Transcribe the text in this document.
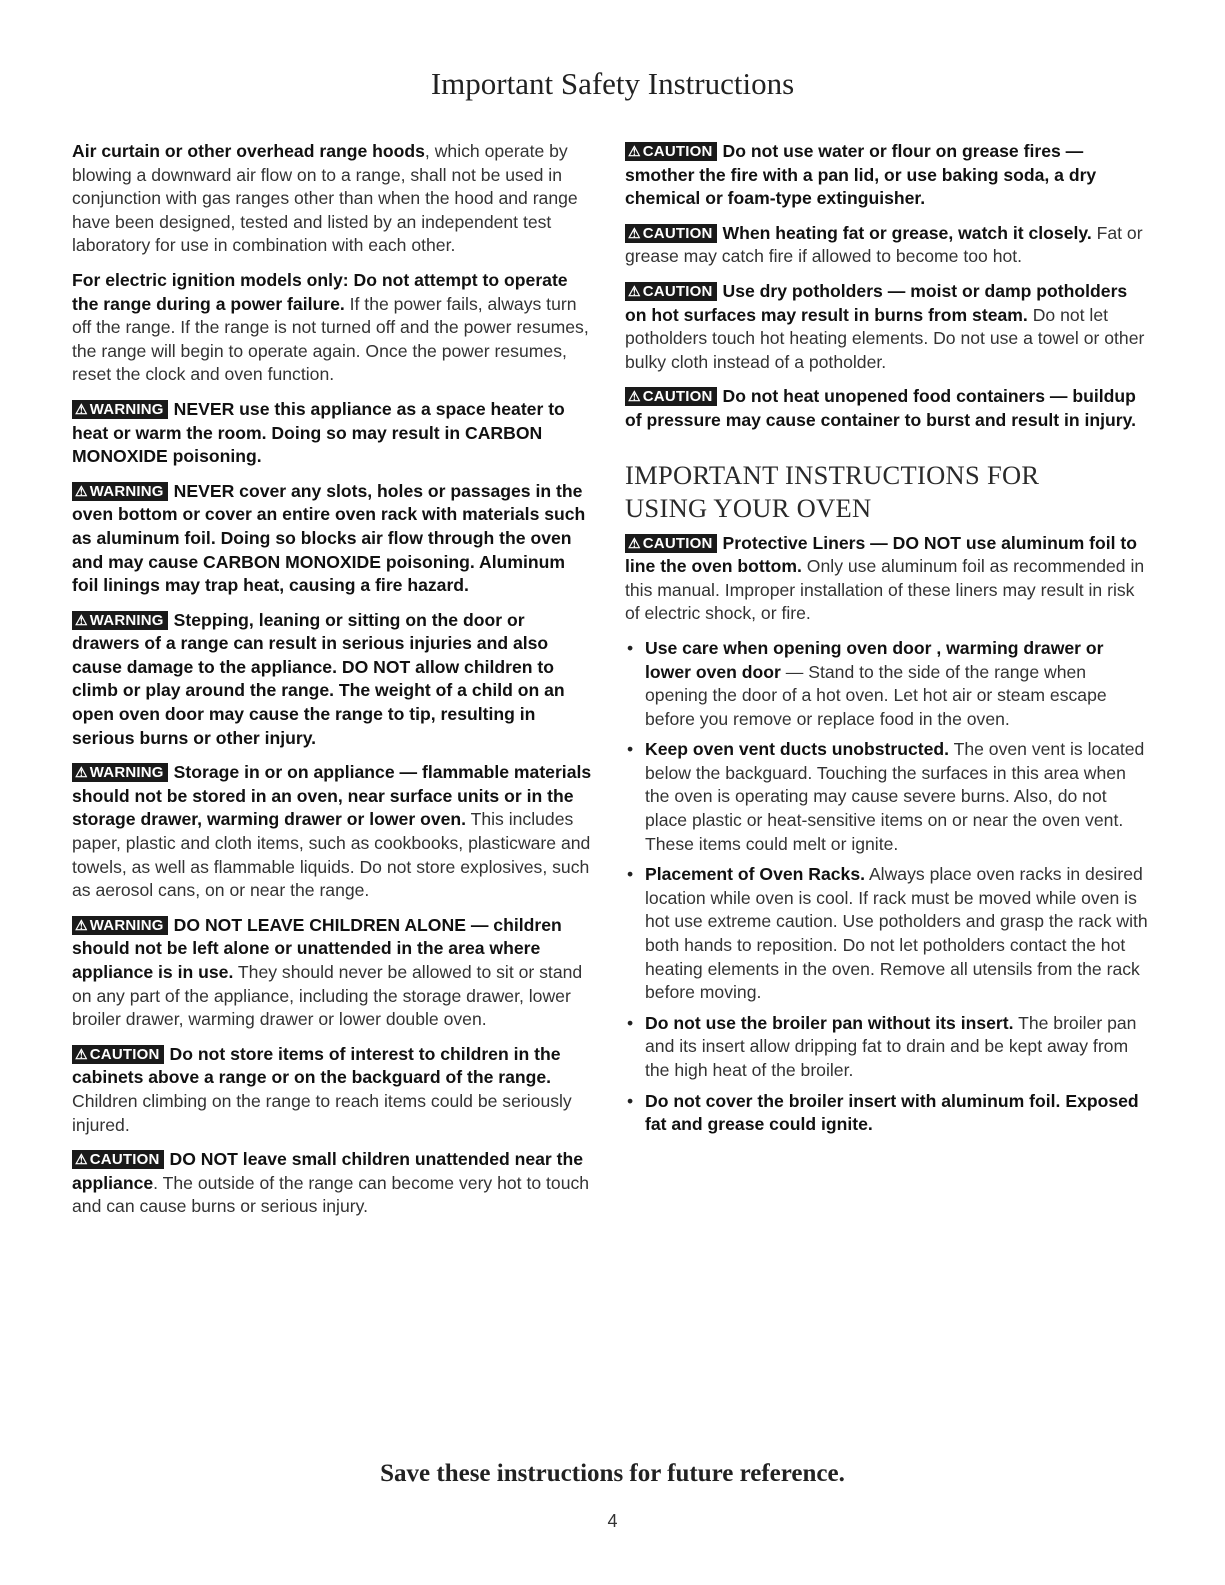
Important Safety Instructions

Air curtain or other overhead range hoods, which operate by blowing a downward air flow on to a range, shall not be used in conjunction with gas ranges other than when the hood and range have been designed, tested and listed by an independent test laboratory for use in combination with each other.

For electric ignition models only: Do not attempt to operate the range during a power failure. If the power fails, always turn off the range. If the range is not turned off and the power resumes, the range will begin to operate again. Once the power resumes, reset the clock and oven function.

⚠ WARNING NEVER use this appliance as a space heater to heat or warm the room. Doing so may result in CARBON MONOXIDE poisoning.

⚠ WARNING NEVER cover any slots, holes or passages in the oven bottom or cover an entire oven rack with materials such as aluminum foil. Doing so blocks air flow through the oven and may cause CARBON MONOXIDE poisoning. Aluminum foil linings may trap heat, causing a fire hazard.

⚠ WARNING Stepping, leaning or sitting on the door or drawers of a range can result in serious injuries and also cause damage to the appliance. DO NOT allow children to climb or play around the range. The weight of a child on an open oven door may cause the range to tip, resulting in serious burns or other injury.

⚠ WARNING Storage in or on appliance — flammable materials should not be stored in an oven, near surface units or in the storage drawer, warming drawer or lower oven. This includes paper, plastic and cloth items, such as cookbooks, plasticware and towels, as well as flammable liquids. Do not store explosives, such as aerosol cans, on or near the range.

⚠ WARNING DO NOT LEAVE CHILDREN ALONE — children should not be left alone or unattended in the area where appliance is in use. They should never be allowed to sit or stand on any part of the appliance, including the storage drawer, lower broiler drawer, warming drawer or lower double oven.

⚠ CAUTION Do not store items of interest to children in the cabinets above a range or on the backguard of the range. Children climbing on the range to reach items could be seriously injured.

⚠ CAUTION DO NOT leave small children unattended near the appliance. The outside of the range can become very hot to touch and can cause burns or serious injury.

⚠ CAUTION Do not use water or flour on grease fires — smother the fire with a pan lid, or use baking soda, a dry chemical or foam-type extinguisher.

⚠ CAUTION When heating fat or grease, watch it closely. Fat or grease may catch fire if allowed to become too hot.

⚠ CAUTION Use dry potholders — moist or damp potholders on hot surfaces may result in burns from steam. Do not let potholders touch hot heating elements. Do not use a towel or other bulky cloth instead of a potholder.

⚠ CAUTION Do not heat unopened food containers — buildup of pressure may cause container to burst and result in injury.

IMPORTANT INSTRUCTIONS FOR
USING YOUR OVEN

⚠ CAUTION Protective Liners — DO NOT use aluminum foil to line the oven bottom. Only use aluminum foil as recommended in this manual. Improper installation of these liners may result in risk of electric shock, or fire.

• Use care when opening oven door , warming drawer or lower oven door — Stand to the side of the range when opening the door of a hot oven. Let hot air or steam escape before you remove or replace food in the oven.
• Keep oven vent ducts unobstructed. The oven vent is located below the backguard. Touching the surfaces in this area when the oven is operating may cause severe burns. Also, do not place plastic or heat-sensitive items on or near the oven vent. These items could melt or ignite.
• Placement of Oven Racks. Always place oven racks in desired location while oven is cool. If rack must be moved while oven is hot use extreme caution. Use potholders and grasp the rack with both hands to reposition. Do not let potholders contact the hot heating elements in the oven. Remove all utensils from the rack before moving.
• Do not use the broiler pan without its insert. The broiler pan and its insert allow dripping fat to drain and be kept away from the high heat of the broiler.
• Do not cover the broiler insert with aluminum foil. Exposed fat and grease could ignite.
Save these instructions for future reference.
4
